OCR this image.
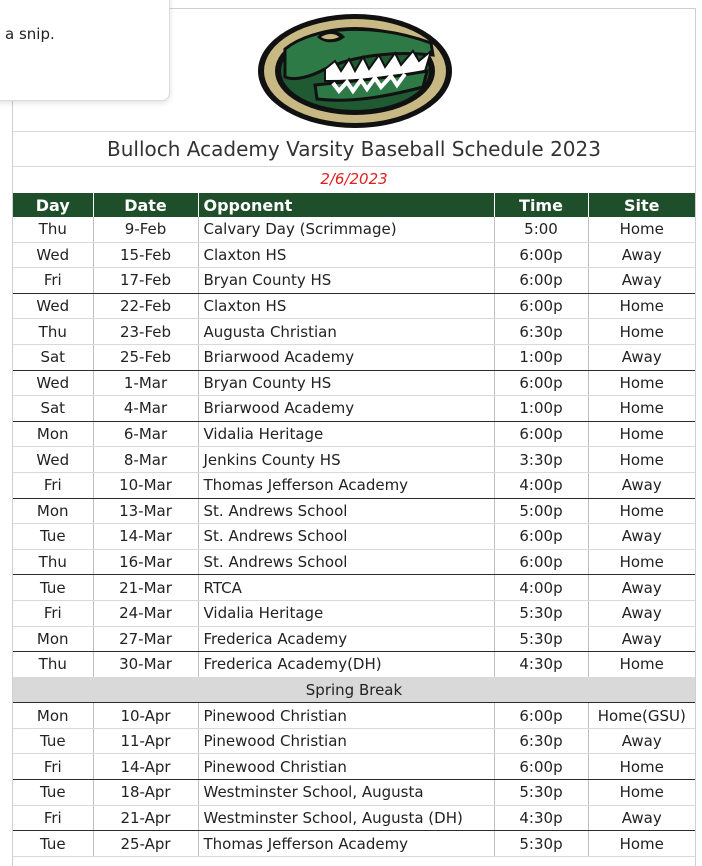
Bulloch Academy Varsity Baseball Schedule 2023
2/6/2023
Day	Date	Opponent	Time	Site
Thu	9-Feb	Calvary Day (Scrimmage)	5:00	Home
Wed	15-Feb	Claxton HS	6:00p	Away
Fri	17-Feb	Bryan County HS	6:00p	Away
Wed	22-Feb	Claxton HS	6:00p	Home
Thu	23-Feb	Augusta Christian	6:30p	Home
Sat	25-Feb	Briarwood Academy	1:00p	Away
Wed	1-Mar	Bryan County HS	6:00p	Home
Sat	4-Mar	Briarwood Academy	1:00p	Home
Mon	6-Mar	Vidalia Heritage	6:00p	Home
Wed	8-Mar	Jenkins County HS	3:30p	Home
Fri	10-Mar	Thomas Jefferson Academy	4:00p	Away
Mon	13-Mar	St. Andrews School	5:00p	Home
Tue	14-Mar	St. Andrews School	6:00p	Away
Thu	16-Mar	St. Andrews School	6:00p	Home
Tue	21-Mar	RTCA	4:00p	Away
Fri	24-Mar	Vidalia Heritage	5:30p	Away
Mon	27-Mar	Frederica Academy	5:30p	Away
Thu	30-Mar	Frederica Academy(DH)	4:30p	Home
Spring Break				
Mon	10-Apr	Pinewood Christian	6:00p	Home(GSU)
Tue	11-Apr	Pinewood Christian	6:30p	Away
Fri	14-Apr	Pinewood Christian	6:00p	Home
Tue	18-Apr	Westminster School, Augusta	5:30p	Home
Fri	21-Apr	Westminster School, Augusta (DH)	4:30p	Away
Tue	25-Apr	Thomas Jefferson Academy	5:30p	Home
a snip.
